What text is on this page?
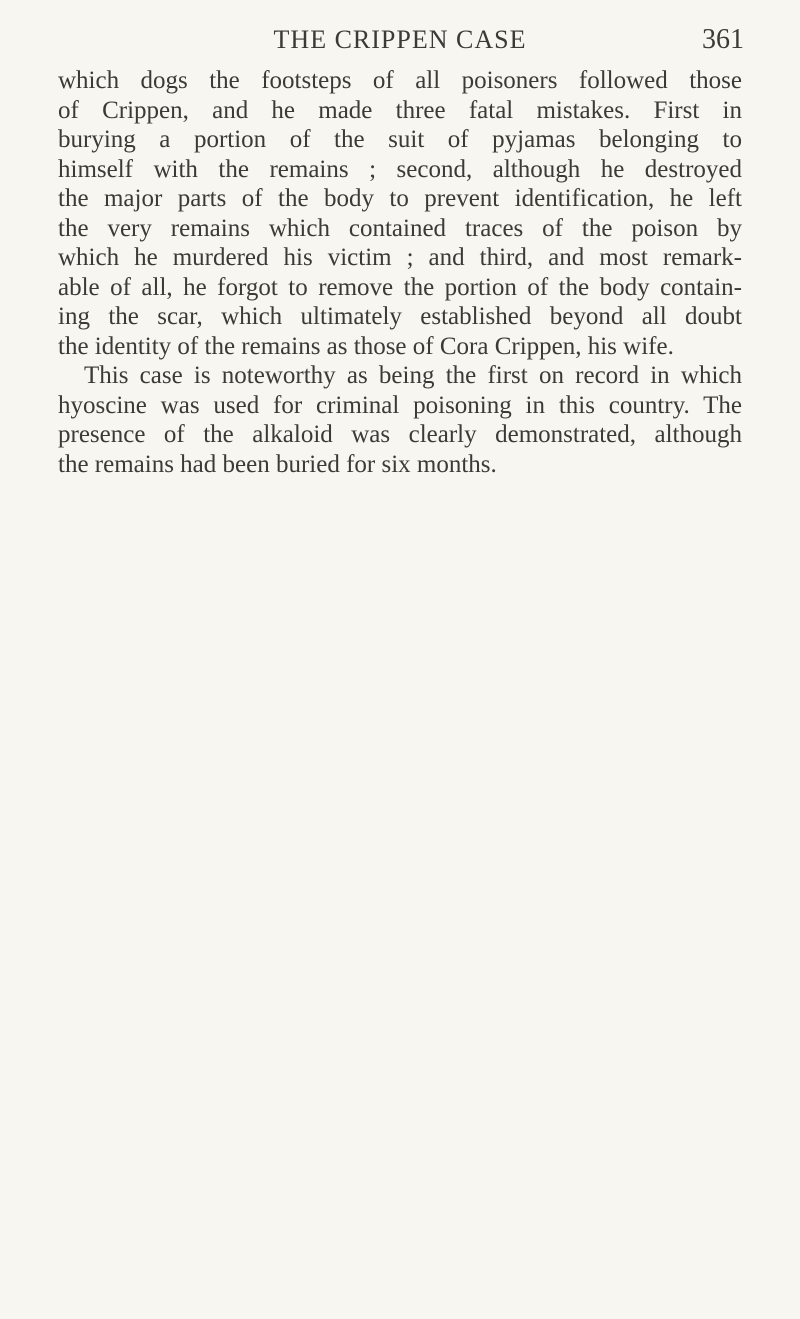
THE CRIPPEN CASE	361
which dogs the footsteps of all poisoners followed those
of Crippen, and he made three fatal mistakes. First in
burying a portion of the suit of pyjamas belonging to
himself with the remains ; second, although he destroyed
the major parts of the body to prevent identification, he left
the very remains which contained traces of the poison by
which he murdered his victim ; and third, and most remark-
able of all, he forgot to remove the portion of the body contain-
ing the scar, which ultimately established beyond all doubt
the identity of the remains as those of Cora Crippen, his wife.
This case is noteworthy as being the first on record in which
hyoscine was used for criminal poisoning in this country. The
presence of the alkaloid was clearly demonstrated, although
the remains had been buried for six months.
